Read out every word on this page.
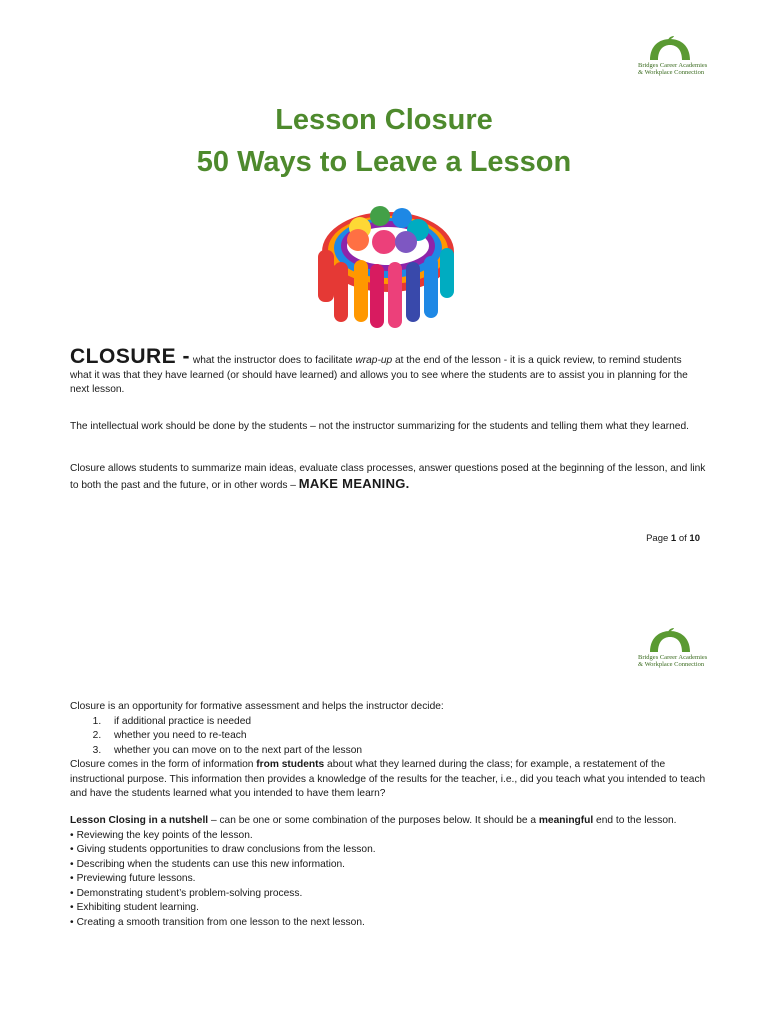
Bridges Career Academies
& Workplace Connection
Lesson Closure
50 Ways to Leave a Lesson
CLOSURE - what the instructor does to facilitate wrap-up at the end of the lesson - it is a quick review, to remind students what it was that they have learned (or should have learned) and allows you to see where the students are to assist you in planning for the next lesson.
The intellectual work should be done by the students – not the instructor summarizing for the students and telling them what they learned.
Closure allows students to summarize main ideas, evaluate class processes, answer questions posed at the beginning of the lesson, and link to both the past and the future, or in other words – MAKE MEANING.
Page 1 of 10
Bridges Career Academies
& Workplace Connection
Closure is an opportunity for formative assessment and helps the instructor decide:
1. if additional practice is needed
2. whether you need to re-teach
3. whether you can move on to the next part of the lesson
Closure comes in the form of information from students about what they learned during the class; for example, a restatement of the instructional purpose. This information then provides a knowledge of the results for the teacher, i.e., did you teach what you intended to teach and have the students learned what you intended to have them learn?
Lesson Closing in a nutshell – can be one or some combination of the purposes below. It should be a meaningful end to the lesson.
• Reviewing the key points of the lesson.
• Giving students opportunities to draw conclusions from the lesson.
• Describing when the students can use this new information.
• Previewing future lessons.
• Demonstrating student’s problem-solving process.
• Exhibiting student learning.
• Creating a smooth transition from one lesson to the next lesson.
